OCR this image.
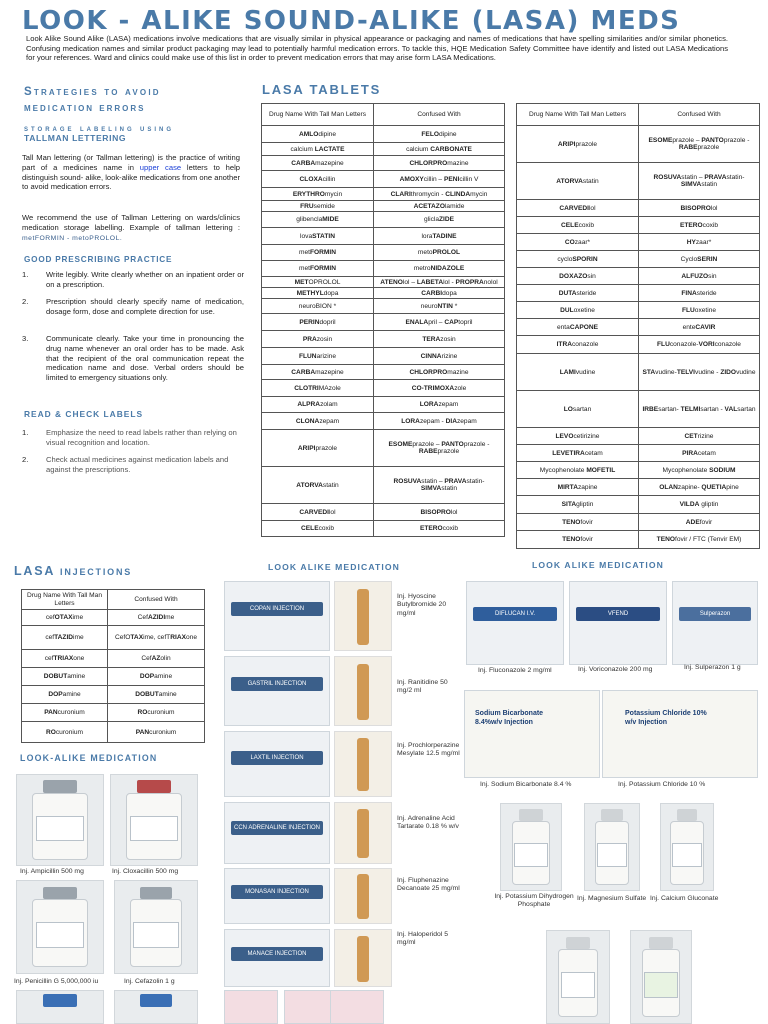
LOOK - ALIKE SOUND-ALIKE (LASA) MEDS
Look Alike Sound Alike (LASA) medications involve medications that are visually similar in physical appearance or packaging and names of medications that have spelling similarities and/or similar phonetics. Confusing medication names and similar product packaging may lead to potentially harmful medication errors. To tackle this, HQE Medication Safety Committee have identify and listed out LASA Medications for your references. Ward and clinics could make use of this list in order to prevent medication errors that may arise form LASA Medications.
Strategies to avoid
medication errors
storage labeling using
TALLMAN LETTERING
Tall Man lettering (or Tallman lettering) is the practice of writing part of a medicines name in upper case letters to help distinguish sound- alike, look-alike medications from one another to avoid medication errors.
We recommend the use of Tallman Lettering on wards/clinics medication storage labelling. Example of tallman lettering : metFORMIN - metoPROLOL.
GOOD PRESCRIBING PRACTICE
1. Write legibly. Write clearly whether on an inpatient order or on a prescription.
2. Prescription should clearly specify name of medication, dosage form, dose and complete direction for use.
3. Communicate clearly. Take your time in pronouncing the drug name whenever an oral order has to be made. Ask that the recipient of the oral communication repeat the medication name and dose. Verbal orders should be limited to emergency situations only.
READ & CHECK LABELS
1. Emphasize the need to read labels rather than relying on visual recognition and location.
2. Check actual medicines against medication labels and against the prescriptions.
LASA TABLETS
Drug Name With Tall Man Letters	Confused With
AMLOdipine	FELOdipine
calcium LACTATE	calcium CARBONATE
CARBAmazepine	CHLORPROmazine
CLOXAcillin	AMOXYcillin – PENIcillin V
ERYTHROmycin	CLARIthromycin - CLINDAmycin
FRUsemide	ACETAZOlamide
glibenclaMIDE	gliclaZIDE
lovaSTATIN	loraTADINE
metFORMIN	metoPROLOL
metFORMIN	metroNIDAZOLE
METOPROLOL	ATENOlol – LABETAlol - PROPRAnolol
METHYLdopa	CARBIdopa
neuroBION *	neuroNTIN *
PERINdopril	ENALApril – CAPtopril
PRAzosin	TERAzosin
FLUNarizine	CINNArizine
CARBAmazepine	CHLORPROmazine
CLOTRIMAzole	CO-TRIMOXAzole
ALPRAzolam	LORAzepam
CLONAzepam	LORAzepam - DIAzepam
ARIPIprazole	ESOMEprazole – PANTOprazole - RABEprazole
ATORVAstatin	ROSUVAstatin – PRAVAstatin-SIMVAstatin
CARVEDIlol	BISOPROlol
CELEcoxib	ETEROcoxib
Drug Name With Tall Man Letters	Confused With
ARIPIprazole	ESOMEprazole – PANTOprazole - RABEprazole
ATORVAstatin	ROSUVAstatin – PRAVAstatin-SIMVAstatin
CARVEDIlol	BISOPROlol
CELEcoxib	ETEROcoxib
COzaar*	HYzaar*
cycloSPORIN	CycloSERIN
DOXAZOsin	ALFUZOsin
DUTAsteride	FINAsteride
DULoxetine	FLUoxetine
entaCAPONE	enteCAVIR
ITRAconazole	FLUconazole-VORIconazole
LAMIvudine	STAvudine-TELVIvudine - ZIDOvudine
LOsartan	IRBEsartan- TELMIsartan - VALsartan
LEVOcetirizine	CETrizine
LEVETIRAcetam	PIRAcetam
Mycophenolate MOFETIL	Mycophenolate SODIUM
MIRTAzapine	OLANzapine- QUETIApine
SITAgliptin	VILDA gliptin
TENOfovir	ADEfovir
TENOfovir	TENOfovir / FTC (Tenvir EM)
LASA injections
Drug Name With Tall Man Letters	Confused With
cefOTAXime	CefAZIDIme
cefTAZIDime	CefOTAXime, cefTRIAXone
cefTRIAXone	CefAZolin
DOBUTamine	DOPamine
DOPamine	DOBUTamine
PANcuronium	ROcuronium
ROcuronium	PANcuronium
LOOK-ALIKE MEDICATION
Inj. Ampicillin 500 mg	Inj. Cloxacillin 500 mg
Inj. Penicillin G 5,000,000 iu	Inj. Cefazolin 1 g
LOOK ALIKE MEDICATION
COPAN INJECTION
Inj. Hyoscine Butylbromide 20 mg/ml
GASTRIL INJECTION	Inj. Ranitidine 50 mg/2 ml
LAXTIL INJECTION
Inj. Prochlorperazine Mesylate 12.5 mg/ml
CCN ADRENALINE INJECTION
Inj. Adrenaline Acid Tartarate 0.18 % w/v
MONASAN INJECTION
Inj. Fluphenazine Decanoate 25 mg/ml
MANACE INJECTION
Inj. Haloperidol 5 mg/ml
LOOK ALIKE MEDICATION
DIFLUCAN I.V.	VFEND	Sulperazon
Inj. Fluconazole 2 mg/ml	Inj. Voriconazole 200 mg	Inj. Sulperazon 1 g
Sodium Bicarbonate 8.4%w/v Injection
Potassium Chloride 10% w/v Injection
Inj. Sodium Bicarbonate 8.4 %	Inj. Potassium Chloride 10 %
Inj. Potassium Dihydrogen Phosphate
Inj. Magnesium Sulfate Inj. Calcium Gluconate
